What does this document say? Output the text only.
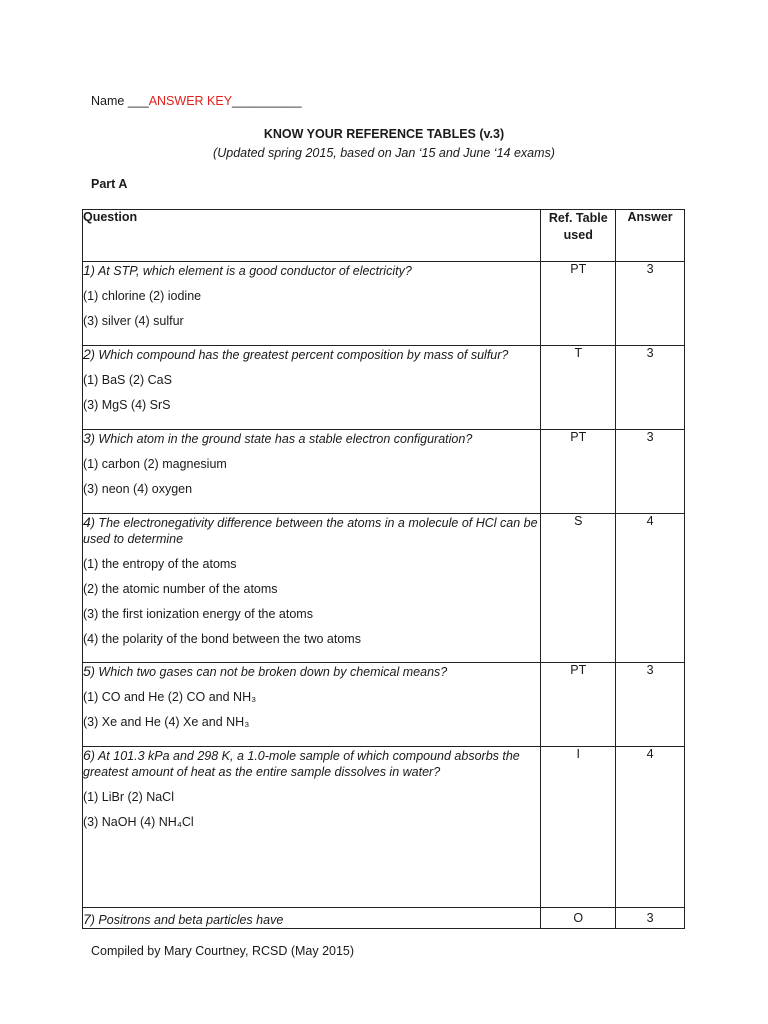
Name ___ANSWER KEY__________
KNOW YOUR REFERENCE TABLES (v.3)
(Updated spring 2015, based on Jan ‘15 and June ‘14 exams)
Part A
Question	Ref. Table used	Answer

1) At STP, which element is a good conductor of electricity?
(1) chlorine (2) iodine
(3) silver (4) sulfur	PT	3

2) Which compound has the greatest percent composition by mass of sulfur?
(1) BaS (2) CaS
(3) MgS (4) SrS	T	3

3) Which atom in the ground state has a stable electron configuration?
(1) carbon (2) magnesium
(3) neon (4) oxygen	PT	3

4) The electronegativity difference between the atoms in a molecule of HCl can be used to determine
(1) the entropy of the atoms
(2) the atomic number of the atoms
(3) the first ionization energy of the atoms
(4) the polarity of the bond between the two atoms	S	4

5) Which two gases can not be broken down by chemical means?
(1) CO and He (2) CO and NH₃
(3) Xe and He (4) Xe and NH₃	PT	3

6) At 101.3 kPa and 298 K, a 1.0-mole sample of which compound absorbs the greatest amount of heat as the entire sample dissolves in water?
(1) LiBr (2) NaCl
(3) NaOH (4) NH₄Cl	I	4

7) Positrons and beta particles have	O	3
Compiled by Mary Courtney, RCSD (May 2015)
